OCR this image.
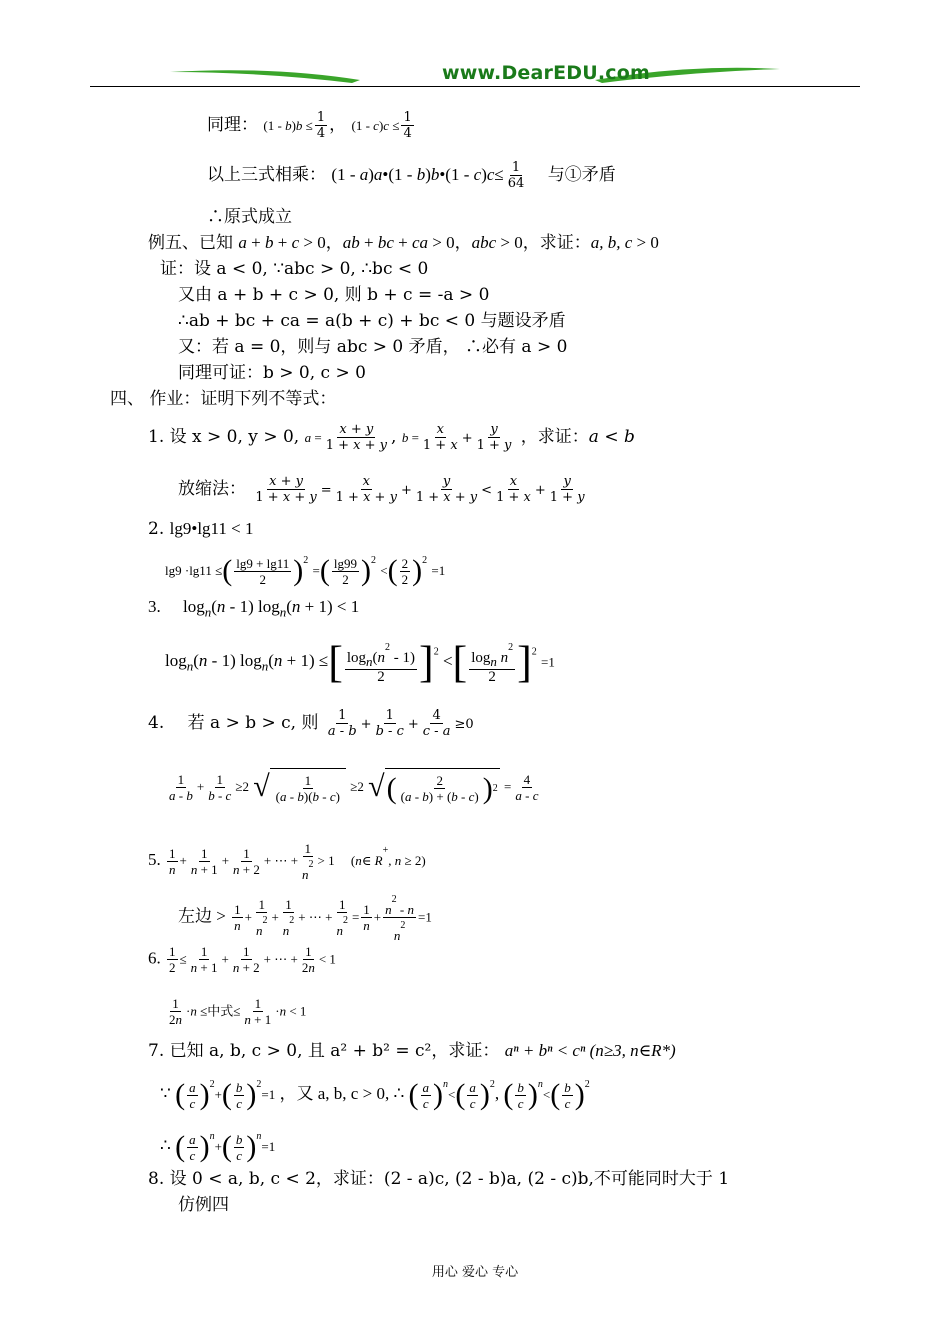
www.DearEDU.com
同理： $(1 - b)b \le \frac{1}{4}$ ， $(1 - c)c \le \frac{1}{4}$
以上三式相乘： (1 - a)a•(1 - b)b•(1 - $c)c\le \frac{1}{64}$ 与①矛盾
∴原式成立
例五、已知 a + b + c > 0，ab + bc + ca > 0，abc > 0，求证：a, b, c > 0
证：设 a < 0, ∵abc > 0, ∴bc < 0
又由 a + b + c > 0, 则 b + c = -a > 0
∴ab + bc + ca = a(b + c) + bc < 0 与题设矛盾
又：若 a = 0，则与 abc > 0 矛盾， ∴必有 a > 0
同理可证：b > 0, c > 0
四、 作业：证明下列不等式：
1. 设 x > 0, y > 0, $a = \frac{x + y}{1 + x + y}$ , $b = \frac{x}{1 + x} + \frac{y}{1 + y}$ ，求证：a < b
放缩法： $\frac{x + y}{1 + x + y} = \frac{x}{1 + x + y} + \frac{y}{1 + x + y} < \frac{x}{1 + x} + \frac{y}{1 + y}$
2. lg9•lg11 < 1
lg9 ·lg11 ≤( $\frac{\lg 9 + \lg 11}{2} )^2$ =( $\frac{\lg 99}{2} )^2$ <( $\frac{2}{2} )^2 =1$
3. $\log_n(n - 1) \log_n(n + 1) < 1$
$\log_n(n - 1) \log_n(n + 1)$ ≤[ $\frac{\log_n(n^2 - 1)}{2} ]^2$ <[ $\frac{\log_n n^2}{2} ]^2 =1$
4. 若 a > b > c, 则 $\frac{1}{a - b} + \frac{1}{b - c} + \frac{4}{c - a} \ge 0$
$\frac{1}{a - b} + \frac{1}{b - c} \ge 2$ √ $\frac{1}{(a - b)(b - c)} \ge 2$ √ ( $\frac{2}{(a - b) + (b - c)}$ ) $2 = \frac{4}{a - c}$
5. $\frac{1}{n} + \frac{1}{n + 1} + \frac{1}{n + 2}$ + ⋯ + $\frac{1}{n^2} > 1$ (n∈ R+, n ≥ 2)
左边 > $\frac{1}{n} + \frac{1}{n^2} + \frac{1}{n^2}$ + ⋯ + $\frac{1}{n^2} = \frac{1}{n} + \frac{n^2 - n}{n^2} =1$
6. $\frac{1}{2} \le \frac{1}{n + 1} + \frac{1}{n + 2}$ + ⋯ + $\frac{1}{2n} < 1$
$\frac{1}{2n} \cdot n$ ≤中式≤ $\frac{1}{n + 1} \cdot n < 1$
7. 已知 a, b, c > 0, 且 a² + b² = c²，求证： aⁿ + bⁿ < cⁿ (n≥3, n∈R*)
∵ ( $\frac{a}{c} )^2+( \frac{b}{c} )^2=1$ ，又 a, b, c > 0, ∴ ( $\frac{a}{c} )^n<( \frac{a}{c} )^2$, ( $\frac{b}{c} )^n<( \frac{b}{c} )^2$
∴ ( $\frac{a}{c} )^n+( \frac{b}{c} )^n=1$
8. 设 0 < a, b, c < 2，求证：(2 - a)c, (2 - b)a, (2 - c)b,不可能同时大于 1
仿例四
用心 爱心 专心
